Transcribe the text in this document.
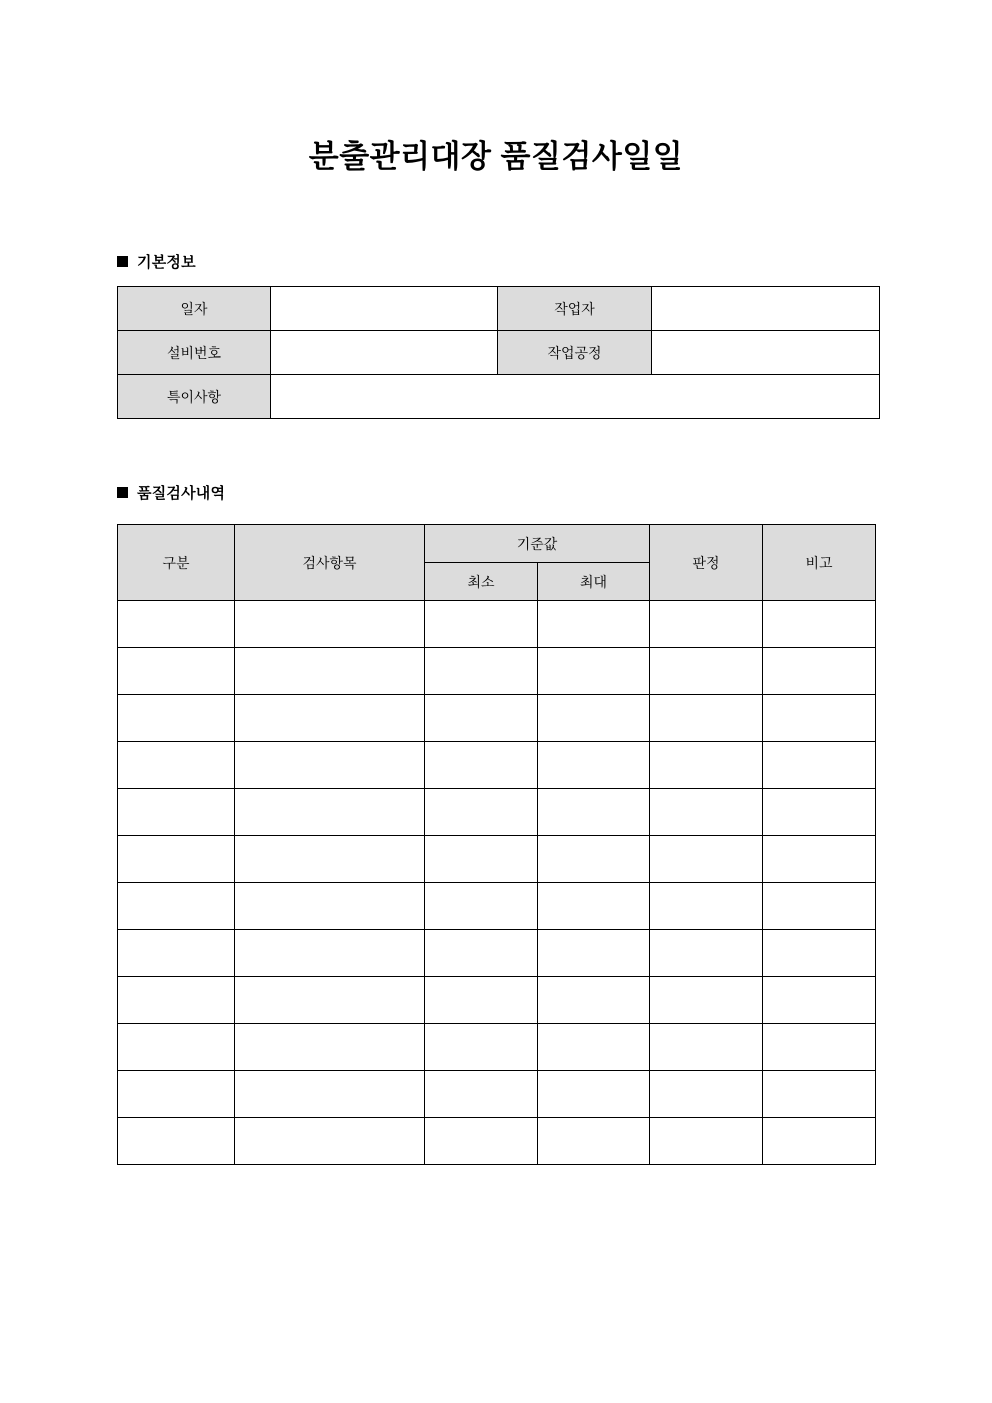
분출관리대장 품질검사일일
기본정보
일자		작업자	
설비번호		작업공정	
특이사항			
품질검사내역
구분	검사항목	기준값		판정	비고
		최소	최대		
